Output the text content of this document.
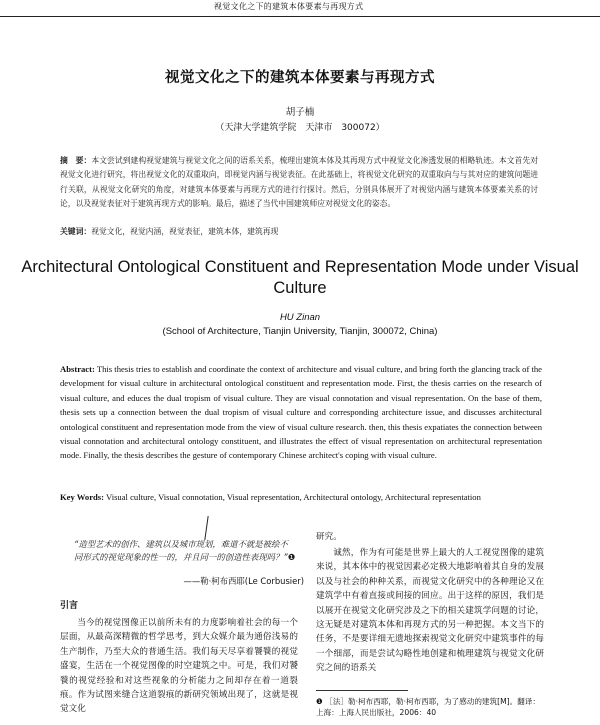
视觉文化之下的建筑本体要素与再现方式
视觉文化之下的建筑本体要素与再现方式
胡子楠
（天津大学建筑学院　天津市　300072）
摘　要：本文尝试到建构视觉建筑与视觉文化之间的语系关系，梳理出建筑本体及其再现方式中视觉文化渗透发展的相略轨迹。本文首先对视觉文化进行研究，将出视觉文化的双重取向，即视觉内涵与视觉表征。在此基础上，将视觉文化研究的双重取向与与其对应的建筑问题进行关联，从视觉文化研究的角度，对建筑本体要素与再现方式的进行行探讨。然后，分别具体展开了对视觉内涵与建筑本体要素关系的讨论，以及视觉表征对于建筑再现方式的影响。最后，描述了当代中国建筑师应对视觉文化的姿态。
关键词：视觉文化，视觉内涵，视觉表征，建筑本体，建筑再现
Architectural Ontological Constituent and Representation Mode under Visual Culture
HU Zinan
(School of Architecture, Tianjin University, Tianjin, 300072, China)
Abstract: This thesis tries to establish and coordinate the context of architecture and visual culture, and bring forth the glancing track of the development for visual culture in architectural ontological constituent and representation mode. First, the thesis carries on the research of visual culture, and educes the dual tropism of visual culture. They are visual connotation and visual representation. On the base of them, thesis sets up a connection between the dual tropism of visual culture and corresponding architecture issue, and discusses architectural ontological constituent and representation mode from the view of visual culture research. then, this thesis expatiates the connection between visual connotation and architectural ontology constituent, and illustrates the effect of visual representation on architectural representation mode. Finally, the thesis describes the gesture of contemporary Chinese architect's coping with visual culture.
Key Words: Visual culture, Visual connotation, Visual representation, Architectural ontology, Architectural representation
“造型艺术的创作、建筑以及城市规划，难道不就是被绘不同形式的视觉现象的性一的，并且同一的创造性表现吗？”❶
——勒·柯布西耶(Le Corbusier)
引言
当今的视觉图像正以前所未有的力度影响着社会的每一个层面，从最高深精微的哲学思考，到大众媒介最为通俗浅易的生产制作，乃至大众的普通生活。我们每天尽享着饕餮的视觉盛宴，生活在一个视觉图像的时空建筑之中。可是，我们对饕餮的视觉经验和对这些视象的分析能力之间却存在着一道裂痕。作为试图来缝合这道裂痕的新研究领域出现了，这就是视觉文化
研究。
诚然，作为有可能是世界上最大的人工视觉图像的建筑来说，其本体中的视觉因素必定极大地影响着其自身的发展以及与社会的种种关系，而视觉文化研究中的各种理论又在建筑学中有着直接或间接的回应。出于这样的原因，我们是以展开在视觉文化研究涉及之下的相关建筑学问题的讨论，这无疑是对建筑本体和再现方式的另一种把握。本文当下的任务，不是要详细无遗地探索视觉文化研究中建筑事件的每一个细部，而是尝试勾略性地创建和梳理建筑与视觉文化研究之间的语系关
❶ ［法］勒·柯布西耶，勒·柯布西耶，为了感动的建筑[M]。翻译：上海：上海人民出版社，2006：40
